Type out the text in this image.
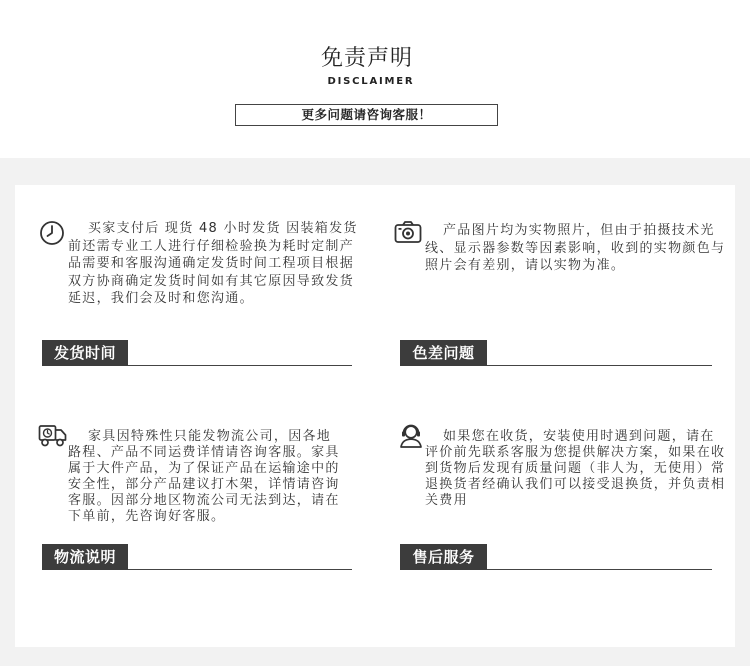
免责声明
DISCLAIMER
更多问题请咨询客服！
买家支付后 现货 48 小时发货 因装箱发货
前还需专业工人进行仔细检验换为耗时定制产
品需要和客服沟通确定发货时间工程项目根据
双方协商确定发货时间如有其它原因导致发货
延迟，我们会及时和您沟通。
发货时间
产品图片均为实物照片，但由于拍摄技术光
线、显示器参数等因素影响，收到的实物颜色与
照片会有差别，请以实物为准。
色差问题
家具因特殊性只能发物流公司，因各地
路程、产品不同运费详情请咨询客服。家具
属于大件产品，为了保证产品在运输途中的
安全性，部分产品建议打木架，详情请咨询
客服。因部分地区物流公司无法到达，请在
下单前，先咨询好客服。
物流说明
如果您在收货，安装使用时遇到问题，请在
评价前先联系客服为您提供解决方案，如果在收
到货物后发现有质量问题（非人为，无使用）常
退换货者经确认我们可以接受退换货，并负责相
关费用
售后服务
